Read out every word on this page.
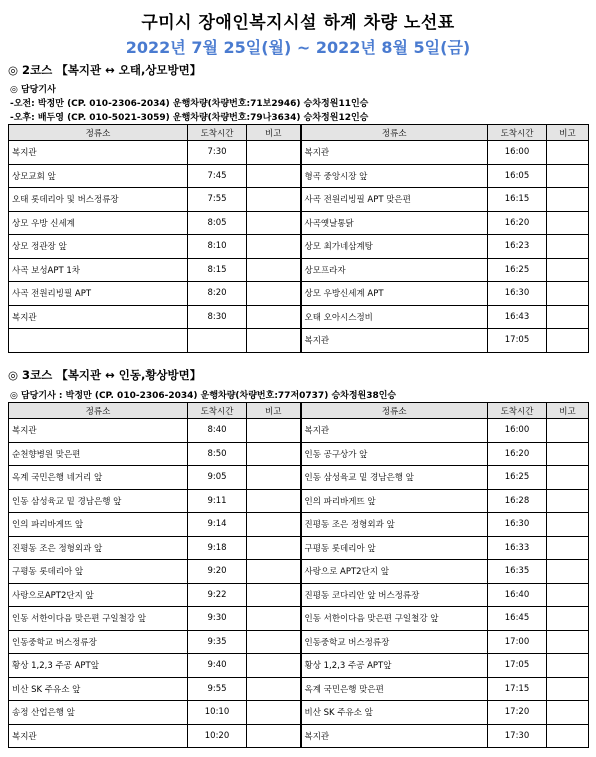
구미시 장애인복지시설 하계 차량 노선표
2022년 7월 25일(월) ~ 2022년 8월 5일(금)
◎ 2코스 【복지관 ↔ 오태,상모방면】
◎ 담당기사
-오전: 박정만 (CP. 010-2306-2034) 운행차량(차량번호:71보2946) 승차정원11인승
-오후: 배두영 (CP. 010-5021-3059) 운행차량(차량번호:79나3634) 승차정원12인승
정류소	도착시간	비고	정류소	도착시간	비고
복지관	7:30		복지관	16:00	
상모교회 앞	7:45		형곡 중앙시장 앞	16:05	
오태 롯데리아 및 버스정류장	7:55		사곡 전원리빙필 APT 맞은편	16:15	
상모 우방 신세계	8:05		사곡옛날통닭	16:20	
상모 정관장 앞	8:10		상모 최가네삼계탕	16:23	
사곡 보성APT 1차	8:15		상모프라자	16:25	
사곡 전원리빙필 APT	8:20		상모 우방신세계 APT	16:30	
복지관	8:30		오태 오아시스정비	16:43	
			복지관	17:05	
◎ 3코스 【복지관 ↔ 인동,황상방면】
◎ 담당기사 : 박정만 (CP. 010-2306-2034) 운행차량(차량번호:77저0737) 승차정원38인승
정류소	도착시간	비고	정류소	도착시간	비고
복지관	8:40		복지관	16:00	
순천향병원 맞은편	8:50		인동 공구상가 앞	16:20	
옥계 국민은행 네거리 앞	9:05		인동 삼성육교 밑 경남은행 앞	16:25	
인동 삼성육교 밑 경남은행 앞	9:11		인의 파리바게뜨 앞	16:28	
인의 파리바게뜨 앞	9:14		진평동 조은 정형외과 앞	16:30	
진평동 조은 정형외과 앞	9:18		구평동 롯데리아 앞	16:33	
구평동 롯데리아 앞	9:20		사랑으로 APT2단지 앞	16:35	
사랑으로APT2단지 앞	9:22		진평동 코다리안 앞 버스정류장	16:40	
인동 서한이다음 맞은편 구일철강 앞	9:30		인동 서한이다음 맞은편 구일철강 앞	16:45	
인동중학교 버스정류장	9:35		인동중학교 버스정류장	17:00	
황상 1,2,3 주공 APT앞	9:40		황상 1,2,3 주공 APT앞	17:05	
비산 SK 주유소 앞	9:55		옥계 국민은행 맞은편	17:15	
송정 산업은행 앞	10:10		비산 SK 주유소 앞	17:20	
복지관	10:20		복지관	17:30	
